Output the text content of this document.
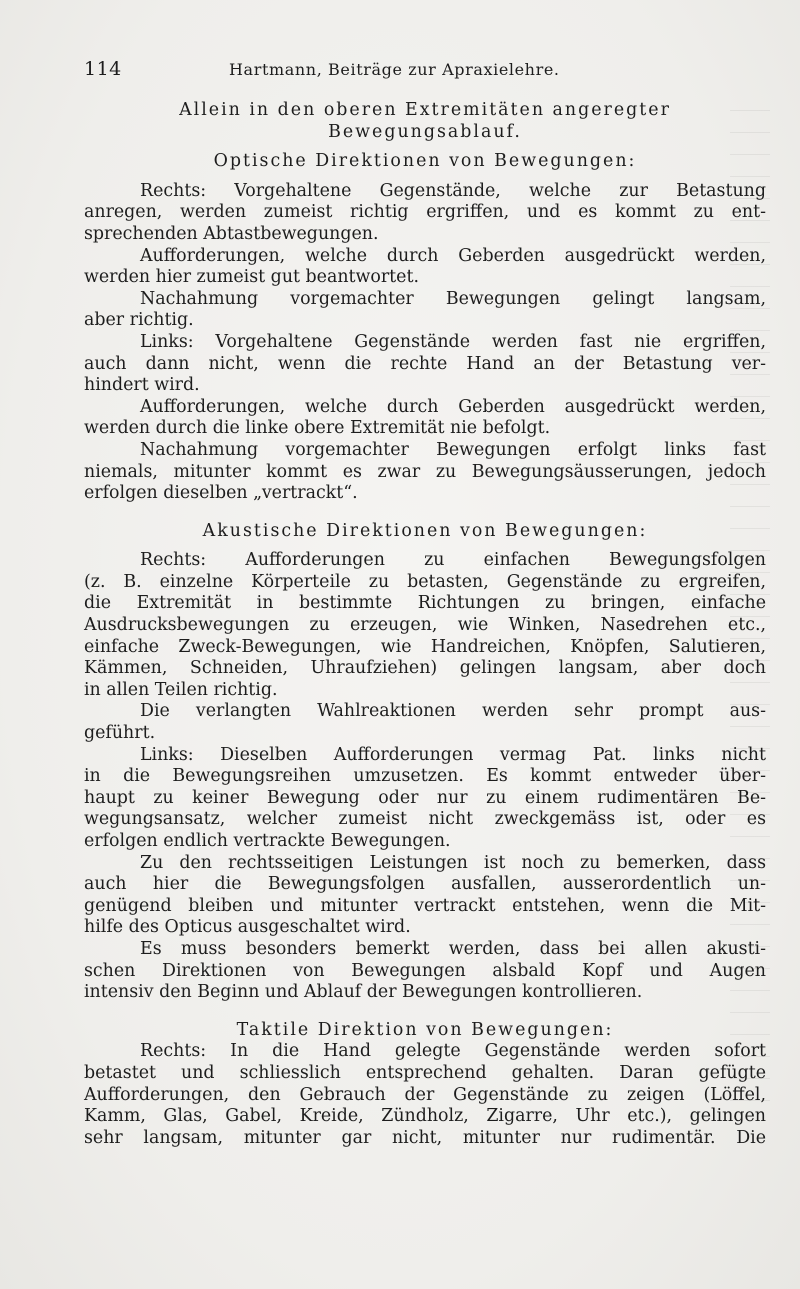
114	Hartmann, Beiträge zur Apraxielehre.
Allein in den oberen Extremitäten angeregter
Bewegungsablauf.
Optische Direktionen von Bewegungen:
Rechts: Vorgehaltene Gegenstände, welche zur Betastung
anregen, werden zumeist richtig ergriffen, und es kommt zu ent-
sprechenden Abtastbewegungen.
Aufforderungen, welche durch Geberden ausgedrückt werden,
werden hier zumeist gut beantwortet.
Nachahmung vorgemachter Bewegungen gelingt langsam,
aber richtig.
Links: Vorgehaltene Gegenstände werden fast nie ergriffen,
auch dann nicht, wenn die rechte Hand an der Betastung ver-
hindert wird.
Aufforderungen, welche durch Geberden ausgedrückt werden,
werden durch die linke obere Extremität nie befolgt.
Nachahmung vorgemachter Bewegungen erfolgt links fast
niemals, mitunter kommt es zwar zu Bewegungsäusserungen, jedoch
erfolgen dieselben „vertrackt“.
Akustische Direktionen von Bewegungen:
Rechts: Aufforderungen zu einfachen Bewegungsfolgen
(z. B. einzelne Körperteile zu betasten, Gegenstände zu ergreifen,
die Extremität in bestimmte Richtungen zu bringen, einfache
Ausdrucksbewegungen zu erzeugen, wie Winken, Nasedrehen etc.,
einfache Zweck-Bewegungen, wie Handreichen, Knöpfen, Salutieren,
Kämmen, Schneiden, Uhraufziehen) gelingen langsam, aber doch
in allen Teilen richtig.
Die verlangten Wahlreaktionen werden sehr prompt aus-
geführt.
Links: Dieselben Aufforderungen vermag Pat. links nicht
in die Bewegungsreihen umzusetzen. Es kommt entweder über-
haupt zu keiner Bewegung oder nur zu einem rudimentären Be-
wegungsansatz, welcher zumeist nicht zweckgemäss ist, oder es
erfolgen endlich vertrackte Bewegungen.
Zu den rechtsseitigen Leistungen ist noch zu bemerken, dass
auch hier die Bewegungsfolgen ausfallen, ausserordentlich un-
genügend bleiben und mitunter vertrackt entstehen, wenn die Mit-
hilfe des Opticus ausgeschaltet wird.
Es muss besonders bemerkt werden, dass bei allen akusti-
schen Direktionen von Bewegungen alsbald Kopf und Augen
intensiv den Beginn und Ablauf der Bewegungen kontrollieren.
Taktile Direktion von Bewegungen:
Rechts: In die Hand gelegte Gegenstände werden sofort
betastet und schliesslich entsprechend gehalten. Daran gefügte
Aufforderungen, den Gebrauch der Gegenstände zu zeigen (Löffel,
Kamm, Glas, Gabel, Kreide, Zündholz, Zigarre, Uhr etc.), gelingen
sehr langsam, mitunter gar nicht, mitunter nur rudimentär. Die
